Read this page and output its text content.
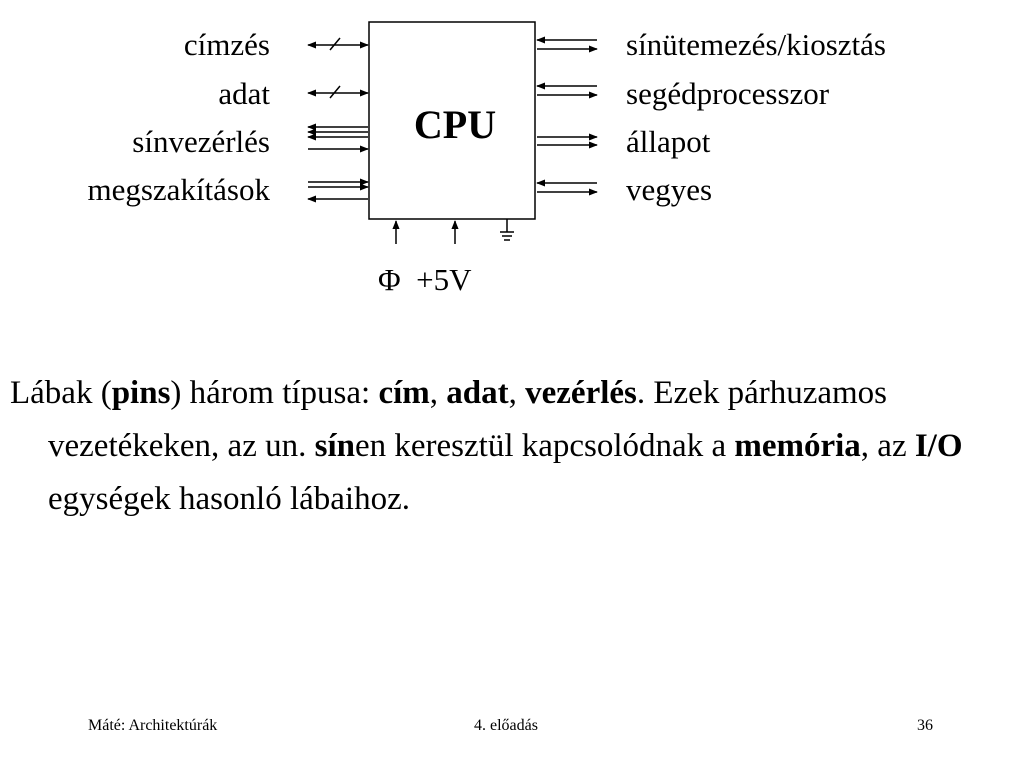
CPU
címzés
adat
sínvezérlés
megszakítások
sínütemezés/kiosztás
segédprocesszor
állapot
vegyes
Φ  +5V
Lábak (pins) három típusa: cím, adat, vezérlés. Ezek párhuzamos vezetékeken, az un. sínen keresztül kapcsolódnak a memória, az I/O egységek hasonló lábaihoz.
Máté: Architektúrák	4. előadás	36
